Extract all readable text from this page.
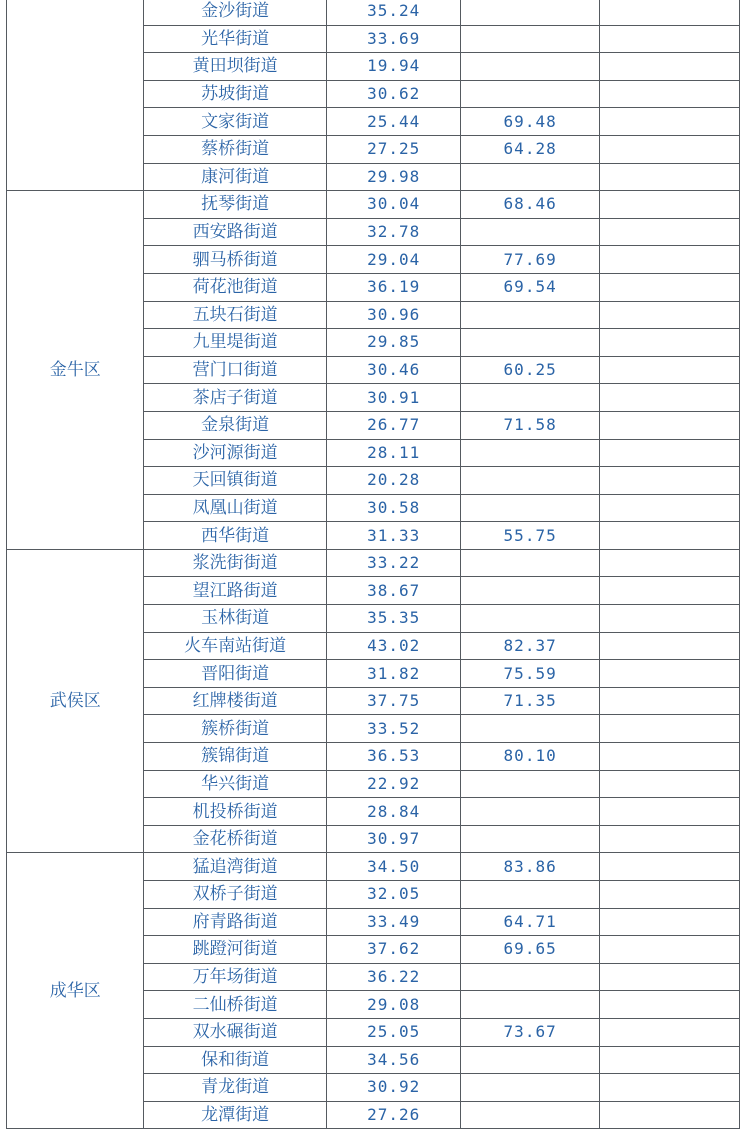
	金沙街道	35.24		
	光华街道	33.69		
	黄田坝街道	19.94		
	苏坡街道	30.62		
	文家街道	25.44	69.48	
	蔡桥街道	27.25	64.28	
	康河街道	29.98		
金牛区	抚琴街道	30.04	68.46	
	西安路街道	32.78		
	驷马桥街道	29.04	77.69	
	荷花池街道	36.19	69.54	
	五块石街道	30.96		
	九里堤街道	29.85		
	营门口街道	30.46	60.25	
	茶店子街道	30.91		
	金泉街道	26.77	71.58	
	沙河源街道	28.11		
	天回镇街道	20.28		
	凤凰山街道	30.58		
	西华街道	31.33	55.75	
武侯区	浆洗街街道	33.22		
	望江路街道	38.67		
	玉林街道	35.35		
	火车南站街道	43.02	82.37	
	晋阳街道	31.82	75.59	
	红牌楼街道	37.75	71.35	
	簇桥街道	33.52		
	簇锦街道	36.53	80.10	
	华兴街道	22.92		
	机投桥街道	28.84		
	金花桥街道	30.97		
成华区	猛追湾街道	34.50	83.86	
	双桥子街道	32.05		
	府青路街道	33.49	64.71	
	跳蹬河街道	37.62	69.65	
	万年场街道	36.22		
	二仙桥街道	29.08		
	双水碾街道	25.05	73.67	
	保和街道	34.56		
	青龙街道	30.92		
	龙潭街道	27.26		
